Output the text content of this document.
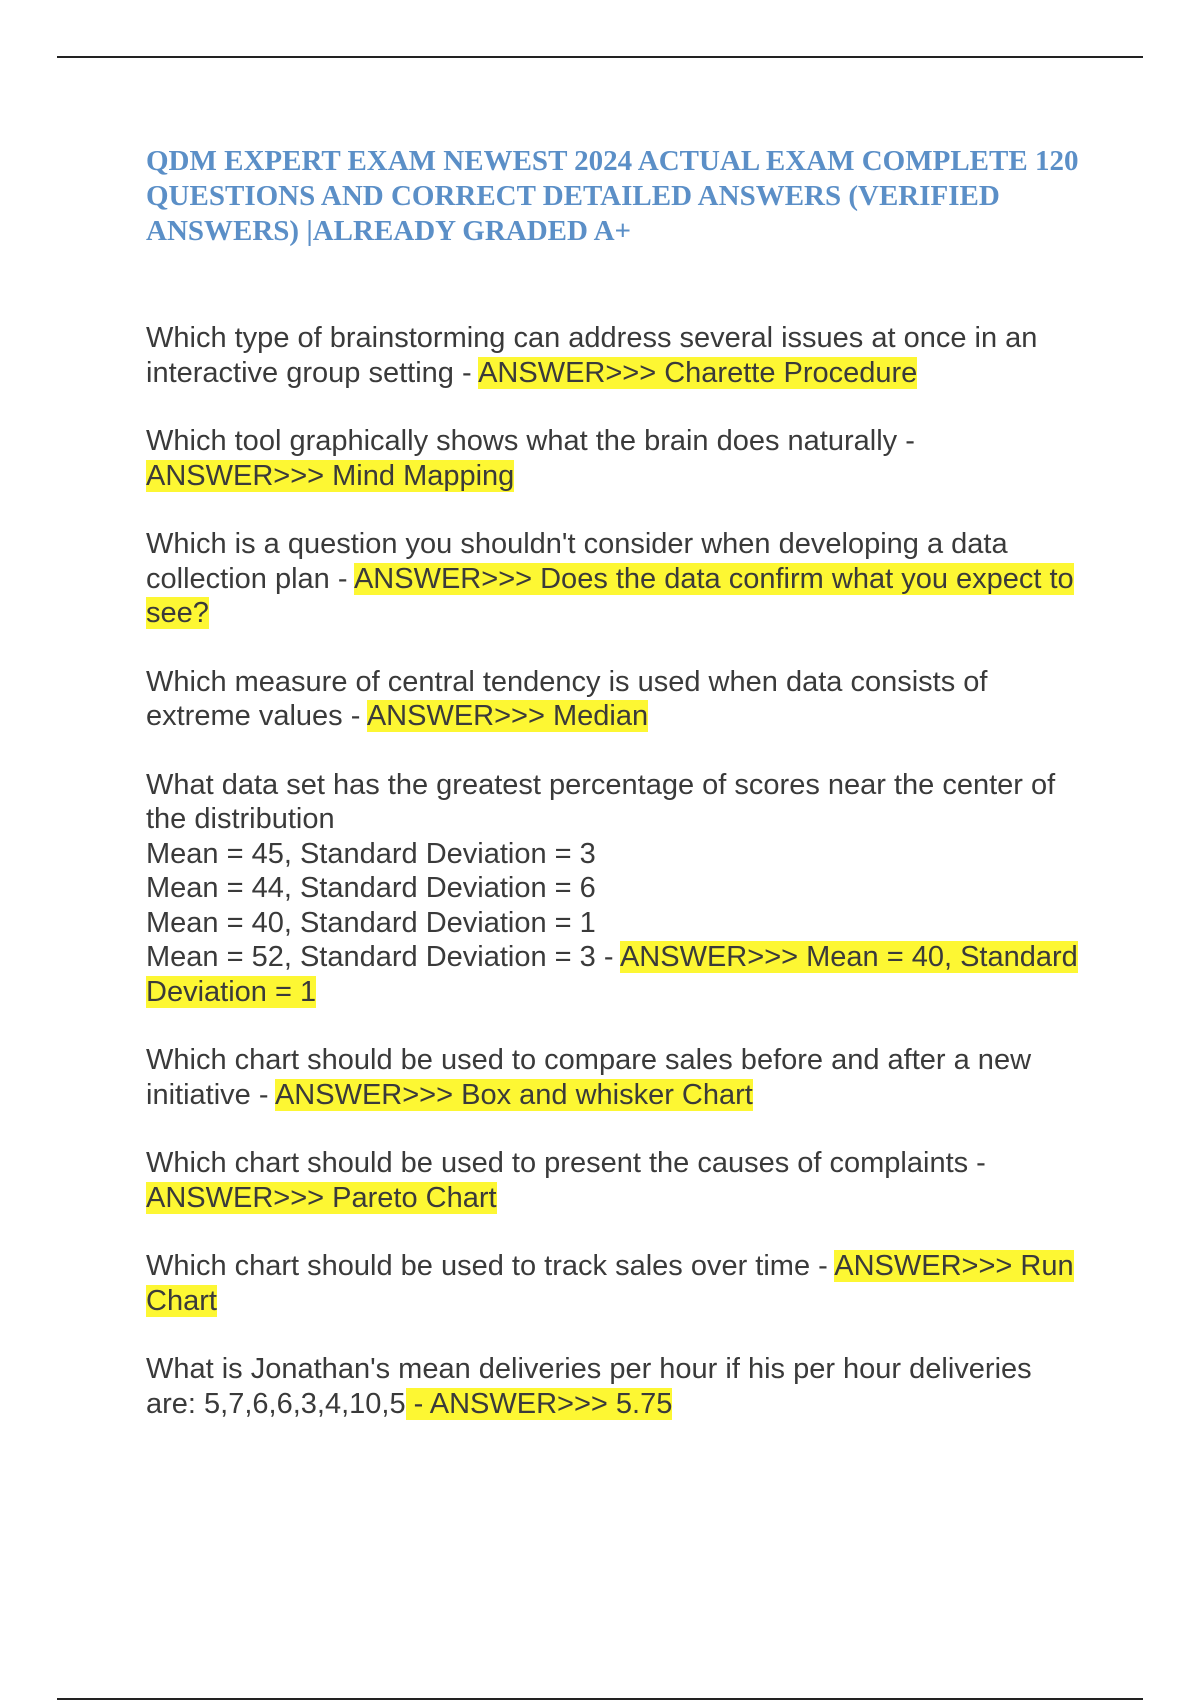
QDM EXPERT EXAM NEWEST 2024 ACTUAL EXAM COMPLETE 120 QUESTIONS AND CORRECT DETAILED ANSWERS (VERIFIED ANSWERS) |ALREADY GRADED A+

Which type of brainstorming can address several issues at once in an interactive group setting - ANSWER>>> Charette Procedure

Which tool graphically shows what the brain does naturally - ANSWER>>> Mind Mapping

Which is a question you shouldn't consider when developing a data collection plan - ANSWER>>> Does the data confirm what you expect to see?

Which measure of central tendency is used when data consists of extreme values - ANSWER>>> Median

What data set has the greatest percentage of scores near the center of the distribution
Mean = 45, Standard Deviation = 3
Mean = 44, Standard Deviation = 6
Mean = 40, Standard Deviation = 1
Mean = 52, Standard Deviation = 3 - ANSWER>>> Mean = 40, Standard Deviation = 1

Which chart should be used to compare sales before and after a new initiative - ANSWER>>> Box and whisker Chart

Which chart should be used to present the causes of complaints - ANSWER>>> Pareto Chart

Which chart should be used to track sales over time - ANSWER>>> Run Chart

What is Jonathan's mean deliveries per hour if his per hour deliveries are: 5,7,6,6,3,4,10,5 - ANSWER>>> 5.75
